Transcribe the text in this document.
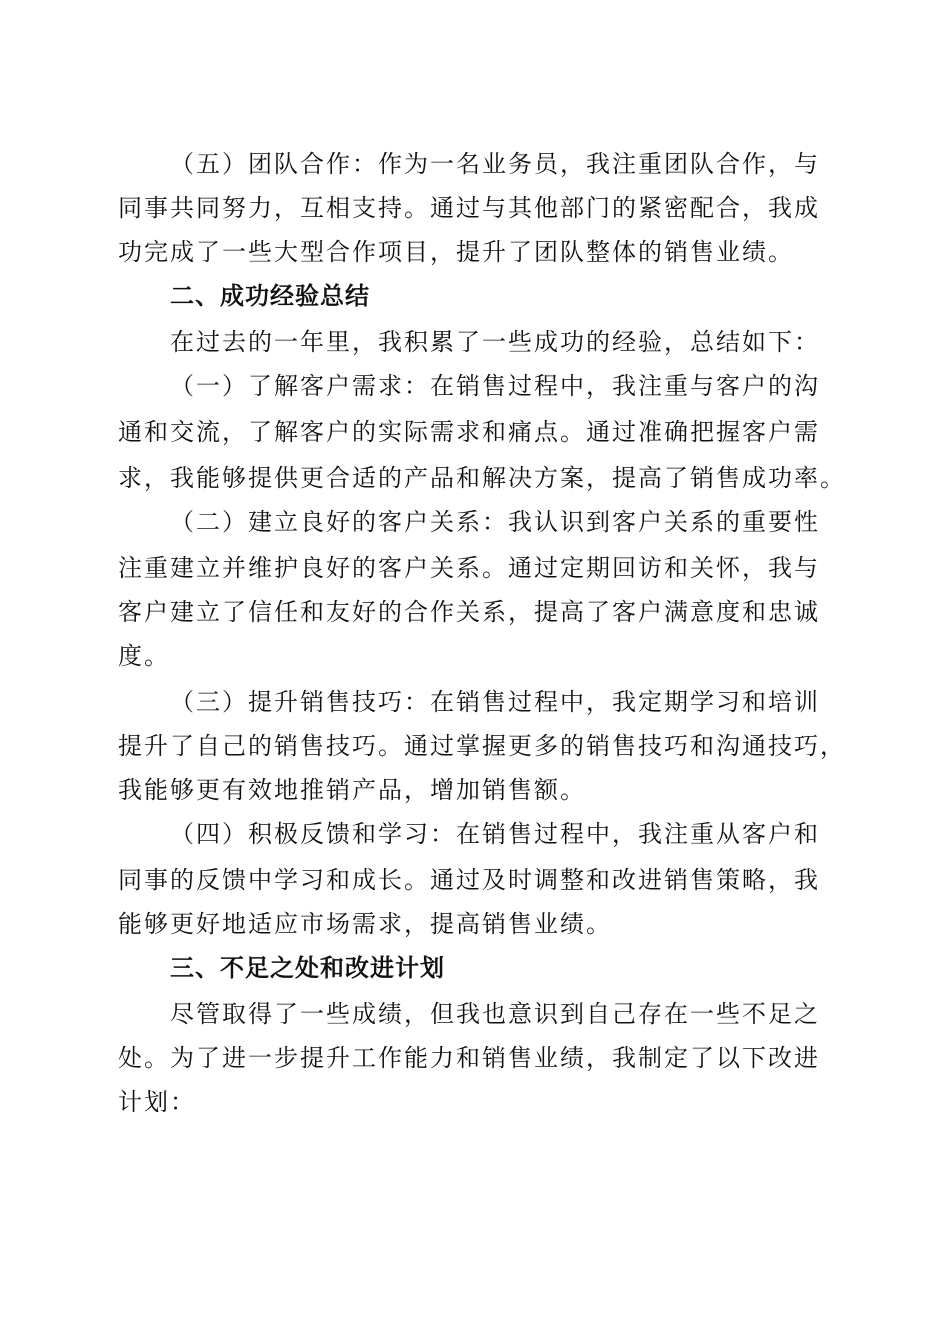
（五）团队合作：作为一名业务员，我注重团队合作，与
同事共同努力，互相支持。通过与其他部门的紧密配合，我成
功完成了一些大型合作项目，提升了团队整体的销售业绩。
二、成功经验总结
在过去的一年里，我积累了一些成功的经验，总结如下：
（一）了解客户需求：在销售过程中，我注重与客户的沟
通和交流，了解客户的实际需求和痛点。通过准确把握客户需
求，我能够提供更合适的产品和解决方案，提高了销售成功率。
（二）建立良好的客户关系：我认识到客户关系的重要性
注重建立并维护良好的客户关系。通过定期回访和关怀，我与
客户建立了信任和友好的合作关系，提高了客户满意度和忠诚
度。
（三）提升销售技巧：在销售过程中，我定期学习和培训
提升了自己的销售技巧。通过掌握更多的销售技巧和沟通技巧，
我能够更有效地推销产品，增加销售额。
（四）积极反馈和学习：在销售过程中，我注重从客户和
同事的反馈中学习和成长。通过及时调整和改进销售策略，我
能够更好地适应市场需求，提高销售业绩。
三、不足之处和改进计划
尽管取得了一些成绩，但我也意识到自己存在一些不足之
处。为了进一步提升工作能力和销售业绩，我制定了以下改进
计划：
